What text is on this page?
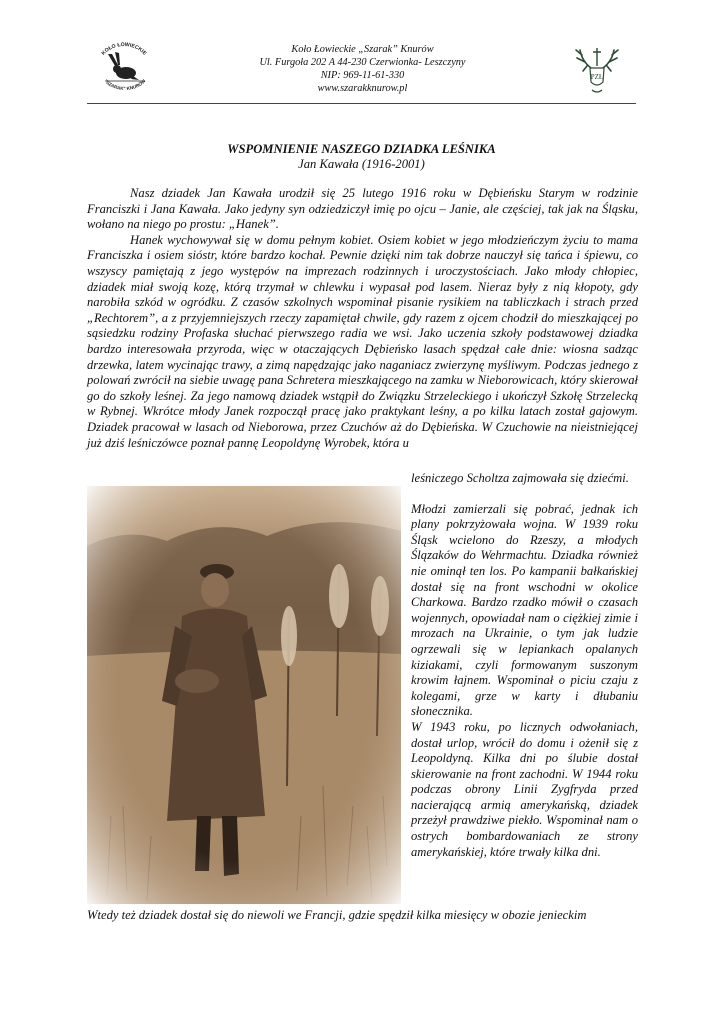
KOŁO ŁOWIECKIE
"SZARAK" KNURÓW
Koło Łowieckie „Szarak” Knurów
Ul. Furgoła 202 A 44-230 Czerwionka- Leszczyny
NIP: 969-11-61-330
www.szarakknurow.pl
PZŁ
WSPOMNIENIE NASZEGO DZIADKA LEŚNIKA
Jan Kawała (1916-2001)

Nasz dziadek Jan Kawała urodził się 25 lutego 1916 roku w Dębieńsku Starym w rodzinie Franciszki i Jana Kawała. Jako jedyny syn odziedziczył imię po ojcu – Janie, ale częściej, tak jak na Śląsku, wołano na niego po prostu: „Hanek”.

Hanek wychowywał się w domu pełnym kobiet. Osiem kobiet w jego młodzieńczym życiu to mama Franciszka i osiem sióstr, które bardzo kochał. Pewnie dzięki nim tak dobrze nauczył się tańca i śpiewu, co wszyscy pamiętają z jego występów na imprezach rodzinnych i uroczystościach. Jako młody chłopiec, dziadek miał swoją kozę, którą trzymał w chlewku i wypasał pod lasem. Nieraz były z nią kłopoty, gdy narobiła szkód w ogródku. Z czasów szkolnych wspominał pisanie rysikiem na tabliczkach i strach przed „Rechtorem”, a z przyjemniejszych rzeczy zapamiętał chwile, gdy razem z ojcem chodził do mieszkającej po sąsiedzku rodziny Profaska słuchać pierwszego radia we wsi. Jako uczenia szkoły podstawowej dziadka bardzo interesowała przyroda, więc w otaczających Dębieńsko lasach spędzał całe dnie: wiosna sadząc drzewka, latem wycinając trawy, a zimą napędzając jako naganiacz zwierzynę myśliwym. Podczas jednego z polowań zwrócił na siebie uwagę pana Schretera mieszkającego na zamku w Nieborowicach, który skierował go do szkoły leśnej. Za jego namową dziadek wstąpił do Związku Strzeleckiego i ukończył Szkołę Strzelecką w Rybnej. Wkrótce młody Janek rozpoczął pracę jako praktykant leśny, a po kilku latach został gajowym. Dziadek pracował w lasach od Nieborowa, przez Czuchów aż do Dębieńska. W Czuchowie na nieistniejącej już dziś leśniczówce poznał pannę Leopoldynę Wyrobek, która u

leśniczego Scholtza zajmowała się dziećmi.

Młodzi zamierzali się pobrać, jednak ich plany pokrzyżowała wojna. W 1939 roku Śląsk wcielono do Rzeszy, a młodych Ślązaków do Wehrmachtu. Dziadka również nie ominął ten los. Po kampanii bałkańskiej dostał się na front wschodni w okolice Charkowa. Bardzo rzadko mówił o czasach wojennych, opowiadał nam o ciężkiej zimie i mrozach na Ukrainie, o tym jak ludzie ogrzewali się w lepiankach opalanych kiziakami, czyli formowanym suszonym krowim łajnem. Wspominał o piciu czaju z kolegami, grze w karty i dłubaniu słonecznika.

W 1943 roku, po licznych odwołaniach, dostał urlop, wrócił do domu i ożenił się z Leopoldyną. Kilka dni po ślubie dostał skierowanie na front zachodni. W 1944 roku podczas obrony Linii Zygfryda przed nacierającą armią amerykańską, dziadek przeżył prawdziwe piekło. Wspominał nam o ostrych bombardowaniach ze strony amerykańskiej, które trwały kilka dni.

Wtedy też dziadek dostał się do niewoli we Francji, gdzie spędził kilka miesięcy w obozie jenieckim
